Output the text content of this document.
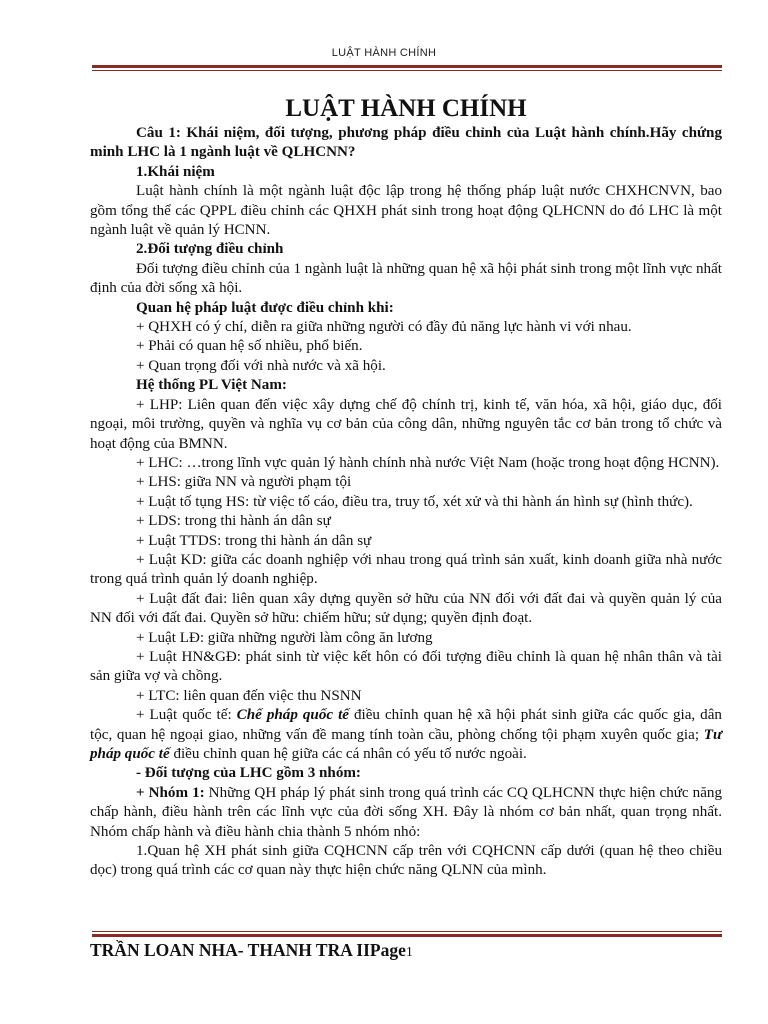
LUẬT HÀNH CHÍNH
LUẬT HÀNH CHÍNH

Câu 1: Khái niệm, đối tượng, phương pháp điều chỉnh của Luật hành chính.Hãy chứng minh LHC là 1 ngành luật về QLHCNN?

1.Khái niệm

Luật hành chính là một ngành luật độc lập trong hệ thống pháp luật nước CHXHCNVN, bao gồm tổng thể các QPPL điều chỉnh các QHXH phát sinh trong hoạt động QLHCNN do đó LHC là một ngành luật về quản lý HCNN.

2.Đối tượng điều chỉnh

Đối tượng điều chỉnh của 1 ngành luật là những quan hệ xã hội phát sinh trong một lĩnh vực nhất định của đời sống xã hội.

Quan hệ pháp luật được điều chỉnh khi:

+ QHXH có ý chí, diễn ra giữa những người có đầy đủ năng lực hành vi với nhau.

+ Phải có quan hệ số nhiều, phổ biến.

+ Quan trọng đối với nhà nước và xã hội.

Hệ thống PL Việt Nam:

+ LHP: Liên quan đến việc xây dựng chế độ chính trị, kinh tế, văn hóa, xã hội, giáo dục, đối ngoại, môi trường, quyền và nghĩa vụ cơ bản của công dân, những nguyên tắc cơ bản trong tổ chức và hoạt động của BMNN.

+ LHC: …trong lĩnh vực quản lý hành chính nhà nước Việt Nam (hoặc trong hoạt động HCNN).

+ LHS: giữa NN và người phạm tội

+ Luật tố tụng HS: từ việc tố cáo, điều tra, truy tố, xét xử và thi hành án hình sự (hình thức).

+ LDS: trong thi hành án dân sự

+ Luật TTDS: trong thi hành án dân sự

+ Luật KD: giữa các doanh nghiệp với nhau trong quá trình sản xuất, kinh doanh giữa nhà nước trong quá trình quản lý doanh nghiệp.

+ Luật đất đai: liên quan xây dựng quyền sở hữu của NN đối với đất đai và quyền quản lý của NN đối với đất đai. Quyền sở hữu: chiếm hữu; sử dụng; quyền định đoạt.

+ Luật LĐ: giữa những người làm công ăn lương

+ Luật HN&GĐ: phát sinh từ việc kết hôn có đối tượng điều chỉnh là quan hệ nhân thân và tài sản giữa vợ và chồng.

+ LTC: liên quan đến việc thu NSNN

+ Luật quốc tế: Chế pháp quốc tế điều chỉnh quan hệ xã hội phát sinh giữa các quốc gia, dân tộc, quan hệ ngoại giao, những vấn đề mang tính toàn cầu, phòng chống tội phạm xuyên quốc gia; Tư pháp quốc tế điều chỉnh quan hệ giữa các cá nhân có yếu tố nước ngoài.

- Đối tượng của LHC gồm 3 nhóm:

+ Nhóm 1: Những QH pháp lý phát sinh trong quá trình các CQ QLHCNN thực hiện chức năng chấp hành, điều hành trên các lĩnh vực của đời sống XH. Đây là nhóm cơ bản nhất, quan trọng nhất. Nhóm chấp hành và điều hành chia thành 5 nhóm nhỏ:

1.Quan hệ XH phát sinh giữa CQHCNN cấp trên với CQHCNN cấp dưới (quan hệ theo chiều dọc) trong quá trình các cơ quan này thực hiện chức năng QLNN của mình.

TRẦN LOAN NHA- THANH TRA IIPage1
